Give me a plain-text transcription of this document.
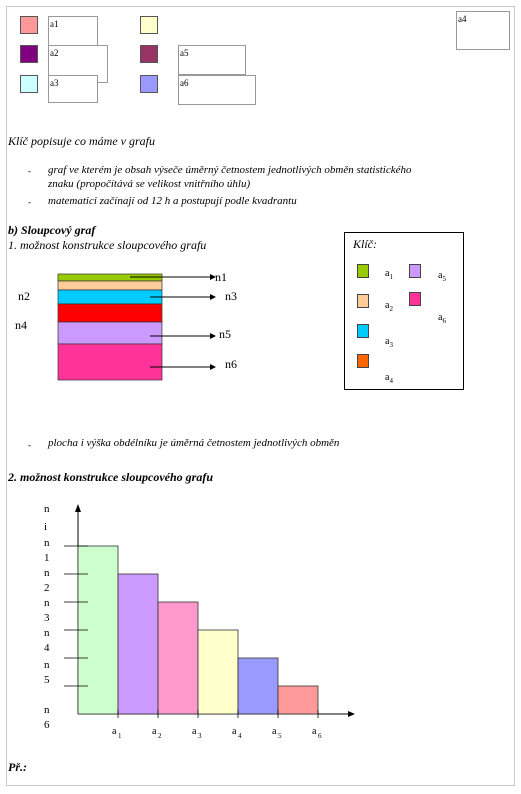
a1
a2
a3
a5
a6
a4
Klíč popisuje co máme v grafu
- graf ve kterém je obsah výseče úměrný četnostem jednotlivých obměn statistického
znaku (propočítává se velikost vnitřního úhlu)
- matematici začínají od 12 h a postupují podle kvadrantu
b) Sloupcový graf
1. možnost konstrukce sloupcového grafu
n1
n2	n3
n4
n5
n6
Klíč:
$a_1$
$a_2$
$a_3$
$a_4$
$a_5$
$a_6$
- plocha i výška obdélníku je úměrná četnostem jednotlivých obměn
2. možnost konstrukce sloupcového grafu
a 1	a 2	a 3	a 4	a 5	a 6
n
i
n
1
n
2
n
3
n
4
n
5
n
6
Př.:
